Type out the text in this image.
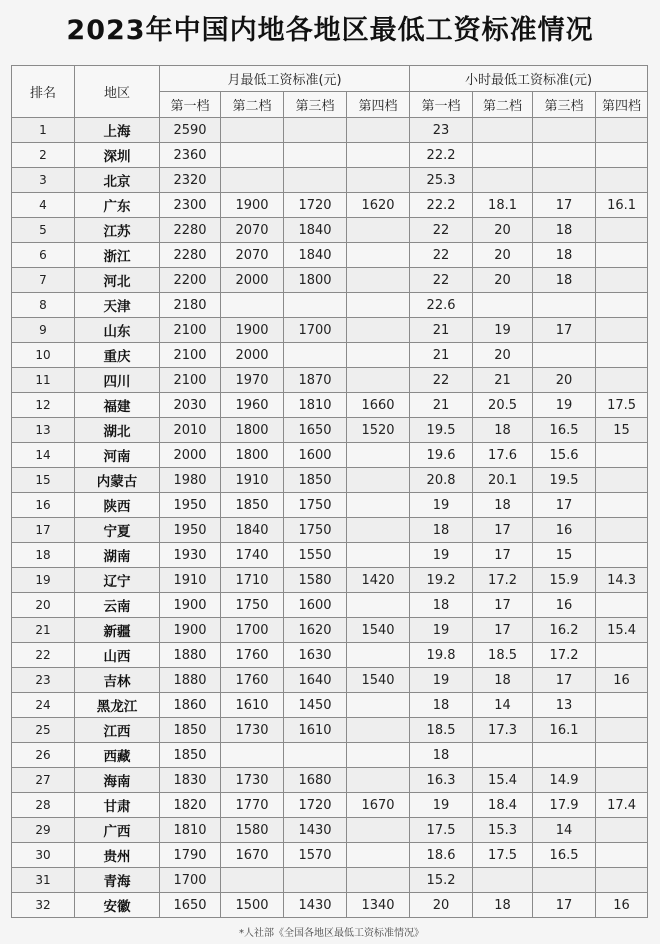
2023年中国内地各地区最低工资标准情况
排名	地区	月最低工资标准(元)				小时最低工资标准(元)			
		第一档	第二档	第三档	第四档	第一档	第二档	第三档	第四档
1	上海	2590				23			
2	深圳	2360				22.2			
3	北京	2320				25.3			
4	广东	2300	1900	1720	1620	22.2	18.1	17	16.1
5	江苏	2280	2070	1840		22	20	18	
6	浙江	2280	2070	1840		22	20	18	
7	河北	2200	2000	1800		22	20	18	
8	天津	2180				22.6			
9	山东	2100	1900	1700		21	19	17	
10	重庆	2100	2000			21	20		
11	四川	2100	1970	1870		22	21	20	
12	福建	2030	1960	1810	1660	21	20.5	19	17.5
13	湖北	2010	1800	1650	1520	19.5	18	16.5	15
14	河南	2000	1800	1600		19.6	17.6	15.6	
15	内蒙古	1980	1910	1850		20.8	20.1	19.5	
16	陕西	1950	1850	1750		19	18	17	
17	宁夏	1950	1840	1750		18	17	16	
18	湖南	1930	1740	1550		19	17	15	
19	辽宁	1910	1710	1580	1420	19.2	17.2	15.9	14.3
20	云南	1900	1750	1600		18	17	16	
21	新疆	1900	1700	1620	1540	19	17	16.2	15.4
22	山西	1880	1760	1630		19.8	18.5	17.2	
23	吉林	1880	1760	1640	1540	19	18	17	16
24	黑龙江	1860	1610	1450		18	14	13	
25	江西	1850	1730	1610		18.5	17.3	16.1	
26	西藏	1850				18			
27	海南	1830	1730	1680		16.3	15.4	14.9	
28	甘肃	1820	1770	1720	1670	19	18.4	17.9	17.4
29	广西	1810	1580	1430		17.5	15.3	14	
30	贵州	1790	1670	1570		18.6	17.5	16.5	
31	青海	1700				15.2			
32	安徽	1650	1500	1430	1340	20	18	17	16
*人社部《全国各地区最低工资标准情况》
